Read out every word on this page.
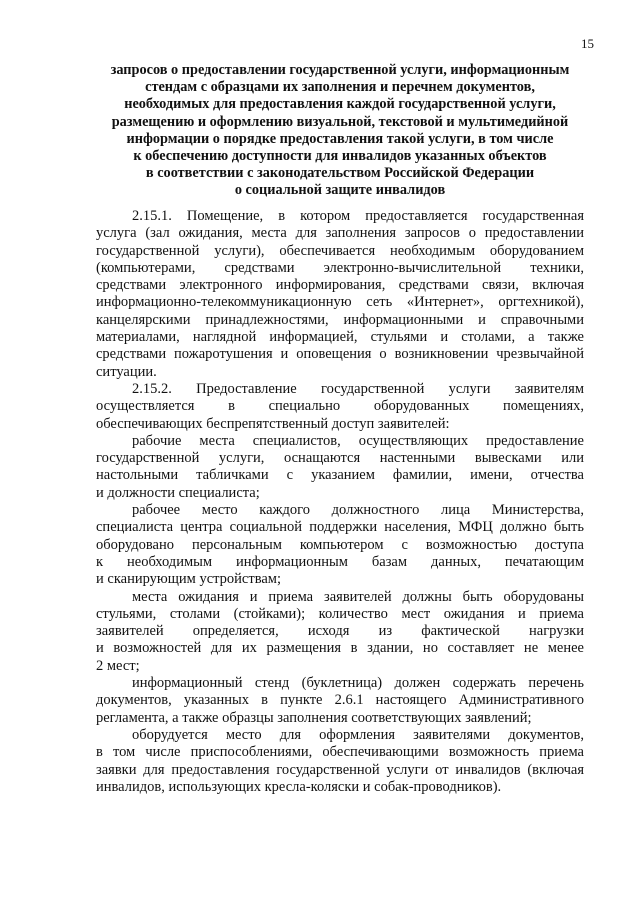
15
запросов о предоставлении государственной услуги, информационным
стендам с образцами их заполнения и перечнем документов,
необходимых для предоставления каждой государственной услуги,
размещению и оформлению визуальной, текстовой и мультимедийной
информации о порядке предоставления такой услуги, в том числе
к обеспечению доступности для инвалидов указанных объектов
в соответствии с законодательством Российской Федерации
о социальной защите инвалидов
2.15.1. Помещение, в котором предоставляется государственная
услуга (зал ожидания, места для заполнения запросов о предоставлении
государственной услуги), обеспечивается необходимым оборудованием
(компьютерами, средствами электронно-вычислительной техники,
средствами электронного информирования, средствами связи, включая
информационно-телекоммуникационную сеть «Интернет», оргтехникой),
канцелярскими принадлежностями, информационными и справочными
материалами, наглядной информацией, стульями и столами, а также
средствами пожаротушения и оповещения о возникновении чрезвычайной
ситуации.
2.15.2. Предоставление государственной услуги заявителям
осуществляется в специально оборудованных помещениях,
обеспечивающих беспрепятственный доступ заявителей:
рабочие места специалистов, осуществляющих предоставление
государственной услуги, оснащаются настенными вывесками или
настольными табличками с указанием фамилии, имени, отчества
и должности специалиста;
рабочее место каждого должностного лица Министерства,
специалиста центра социальной поддержки населения, МФЦ должно быть
оборудовано персональным компьютером с возможностью доступа
к необходимым информационным базам данных, печатающим
и сканирующим устройствам;
места ожидания и приема заявителей должны быть оборудованы
стульями, столами (стойками); количество мест ожидания и приема
заявителей определяется, исходя из фактической нагрузки
и возможностей для их размещения в здании, но составляет не менее
2 мест;
информационный стенд (буклетница) должен содержать перечень
документов, указанных в пункте 2.6.1 настоящего Административного
регламента, а также образцы заполнения соответствующих заявлений;
оборудуется место для оформления заявителями документов,
в том числе приспособлениями, обеспечивающими возможность приема
заявки для предоставления государственной услуги от инвалидов (включая
инвалидов, использующих кресла-коляски и собак-проводников).
